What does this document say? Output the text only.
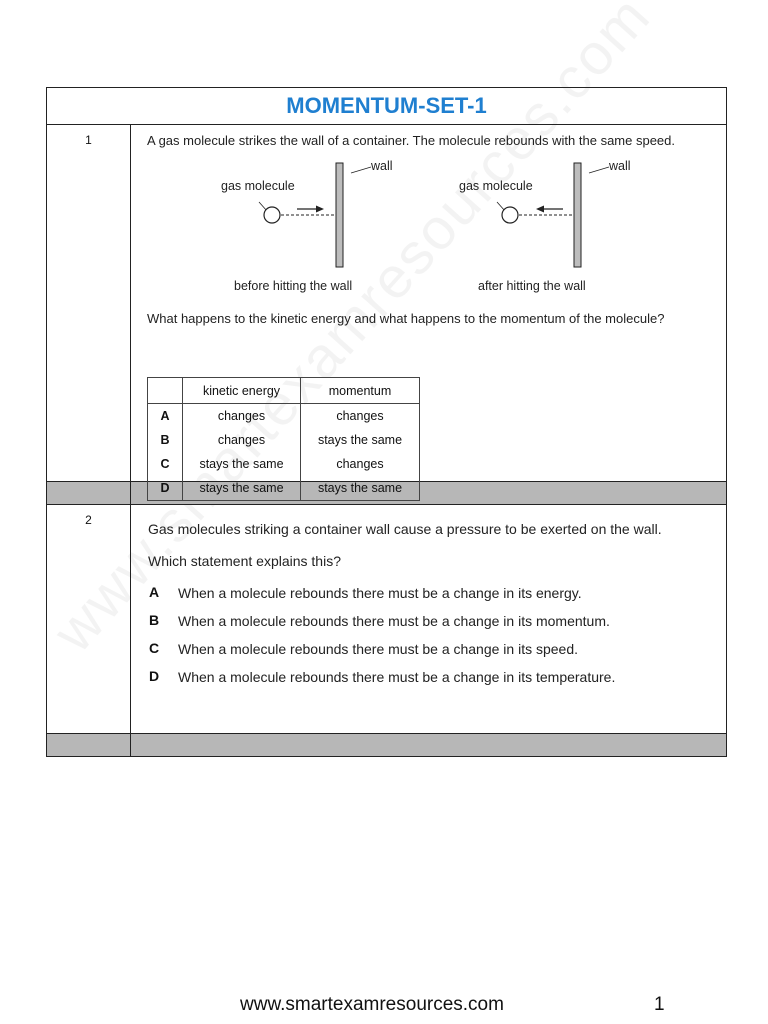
MOMENTUM-SET-1

1	A gas molecule strikes the wall of a container. The molecule rebounds with the same speed.
wall
gas molecule
wall
gas molecule
before hitting the wall	after hitting the wall
What happens to the kinetic energy and what happens to the momentum of the molecule?
	kinetic energy	momentum
A	changes	changes
B	changes	stays the same
C	stays the same	changes
D	stays the same	stays the same

2

Gas molecules striking a container wall cause a pressure to be exerted on the wall.
Which statement explains this?
A When a molecule rebounds there must be a change in its energy.
B When a molecule rebounds there must be a change in its momentum.
C When a molecule rebounds there must be a change in its speed.
D When a molecule rebounds there must be a change in its temperature.

www.smartexamresources.com	1
